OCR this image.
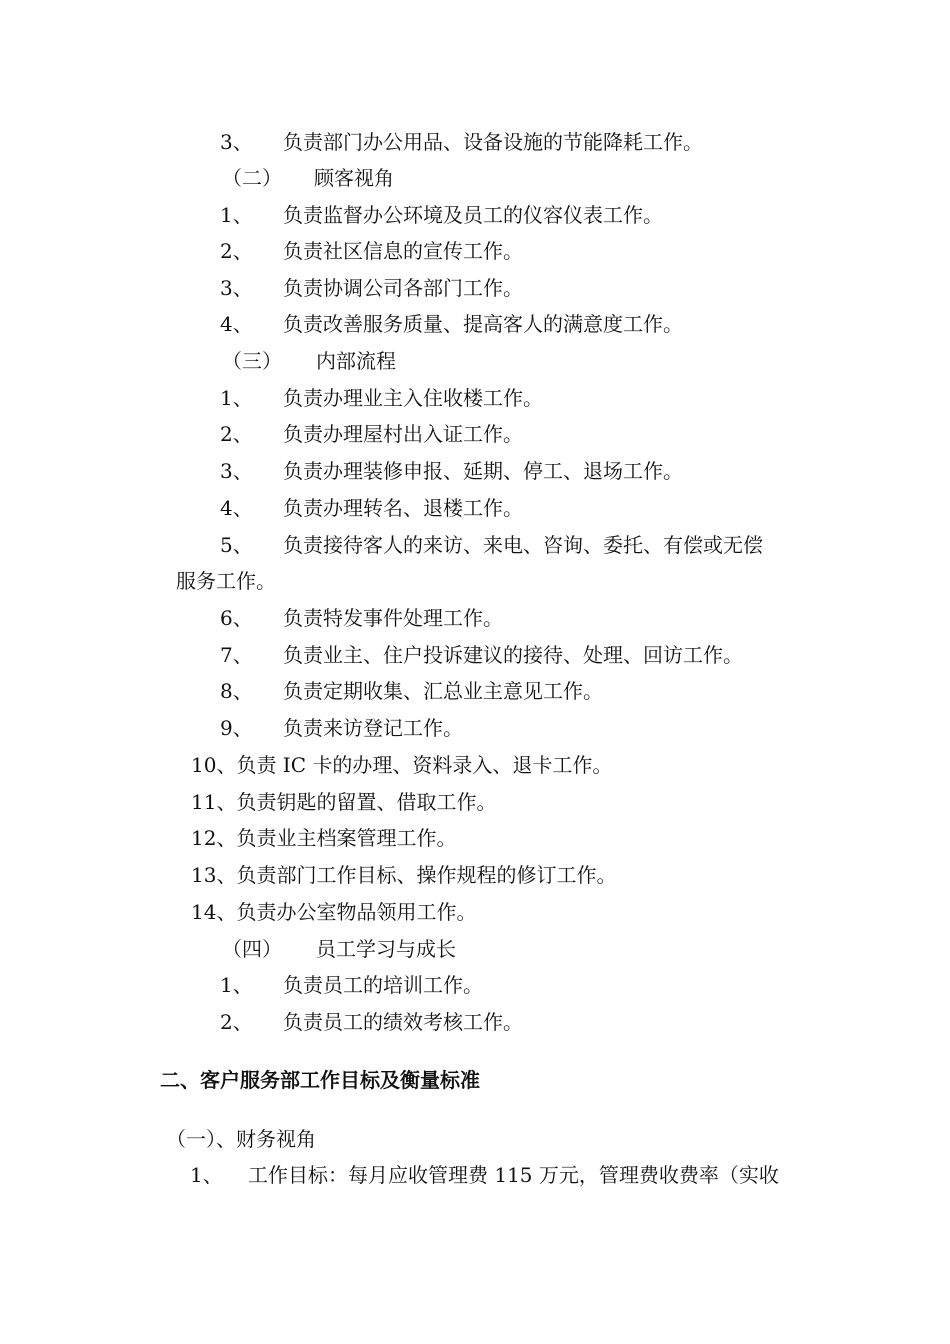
3、 负责部门办公用品、设备设施的节能降耗工作。
（二） 顾客视角
1、 负责监督办公环境及员工的仪容仪表工作。
2、 负责社区信息的宣传工作。
3、 负责协调公司各部门工作。
4、 负责改善服务质量、提高客人的满意度工作。
（三） 内部流程
1、 负责办理业主入住收楼工作。
2、 负责办理屋村出入证工作。
3、 负责办理装修申报、延期、停工、退场工作。
4、 负责办理转名、退楼工作。
5、 负责接待客人的来访、来电、咨询、委托、有偿或无偿
服务工作。
6、 负责特发事件处理工作。
7、 负责业主、住户投诉建议的接待、处理、回访工作。
8、 负责定期收集、汇总业主意见工作。
9、 负责来访登记工作。
10、负责 IC 卡的办理、资料录入、退卡工作。
11、负责钥匙的留置、借取工作。
12、负责业主档案管理工作。
13、负责部门工作目标、操作规程的修订工作。
14、负责办公室物品领用工作。
（四） 员工学习与成长
1、 负责员工的培训工作。
2、 负责员工的绩效考核工作。
二、客户服务部工作目标及衡量标准
（一）、财务视角
1、 工作目标：每月应收管理费 115 万元，管理费收费率（实收
